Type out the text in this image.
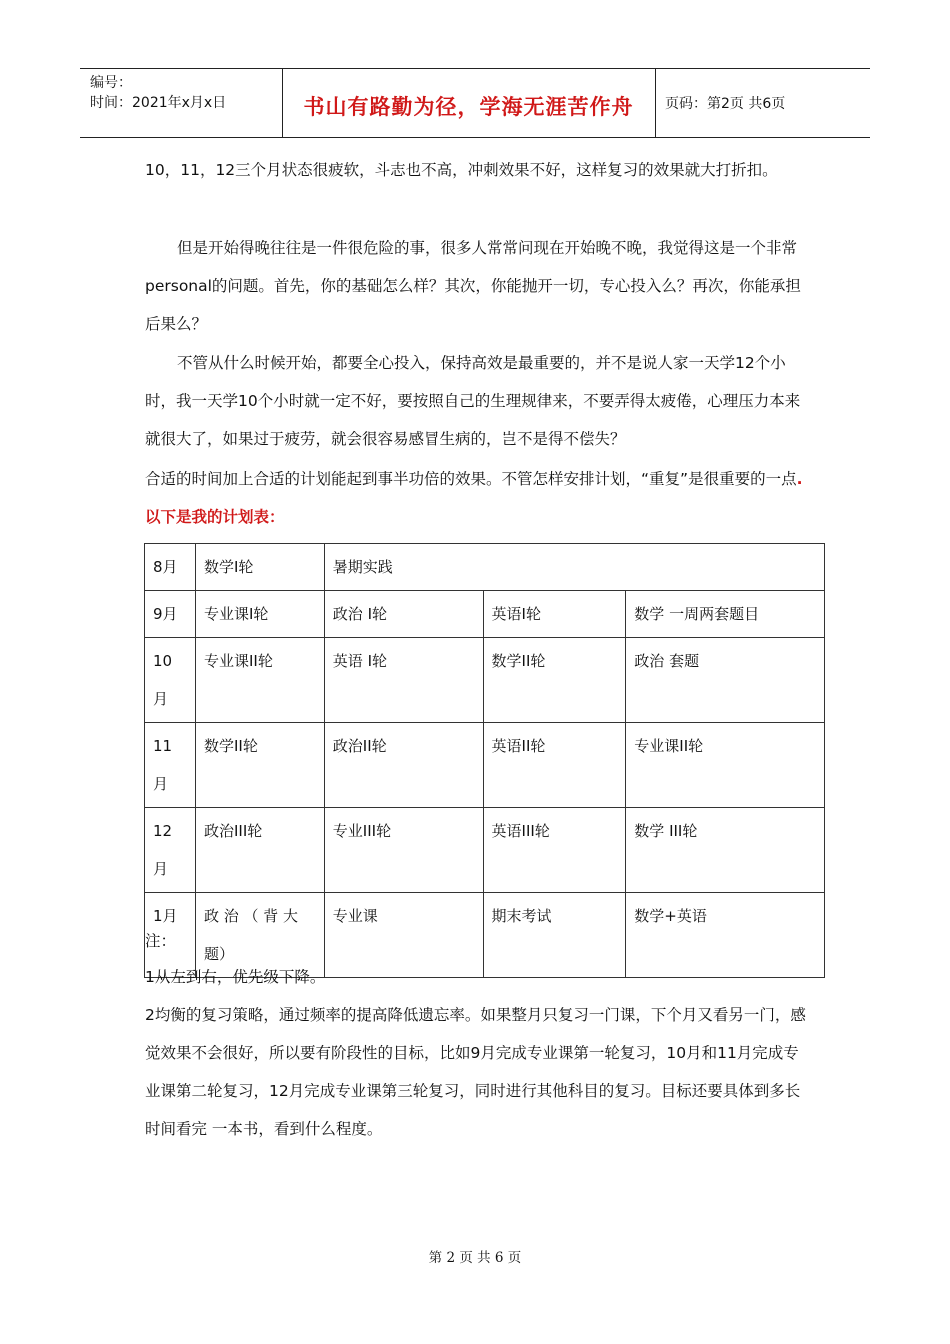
编号：
时间：2021年x月x日	书山有路勤为径，学海无涯苦作舟	页码：第2页 共6页

10，11，12三个月状态很疲软，斗志也不高，冲刺效果不好，这样复习的效果就大打折扣。

但是开始得晚往往是一件很危险的事，很多人常常问现在开始晚不晚，我觉得这是一个非常personal的问题。首先，你的基础怎么样？其次，你能抛开一切，专心投入么？再次，你能承担后果么？

不管从什么时候开始，都要全心投入，保持高效是最重要的，并不是说人家一天学12个小时，我一天学10个小时就一定不好，要按照自己的生理规律来，不要弄得太疲倦，心理压力本来就很大了，如果过于疲劳，就会很容易感冒生病的，岂不是得不偿失？

合适的时间加上合适的计划能起到事半功倍的效果。不管怎样安排计划，“重复”是很重要的一点.以下是我的计划表：

8月	数学I轮	暑期实践		
9月	专业课I轮	政治 I轮	英语I轮	数学 一周两套题目
10月	专业课II轮	英语 I轮	数学II轮	政治 套题
11月	数学II轮	政治II轮	英语II轮	专业课II轮
12月	政治III轮	专业III轮	英语III轮	数学 III轮
1月	政 治 （ 背 大题）	专业课	期末考试	数学+英语

注：

1从左到右，优先级下降。

2均衡的复习策略，通过频率的提高降低遗忘率。如果整月只复习一门课，下个月又看另一门，感觉效果不会很好，所以要有阶段性的目标，比如9月完成专业课第一轮复习，10月和11月完成专业课第二轮复习，12月完成专业课第三轮复习，同时进行其他科目的复习。目标还要具体到多长时间看完 一本书，看到什么程度。

第 2 页 共 6 页
